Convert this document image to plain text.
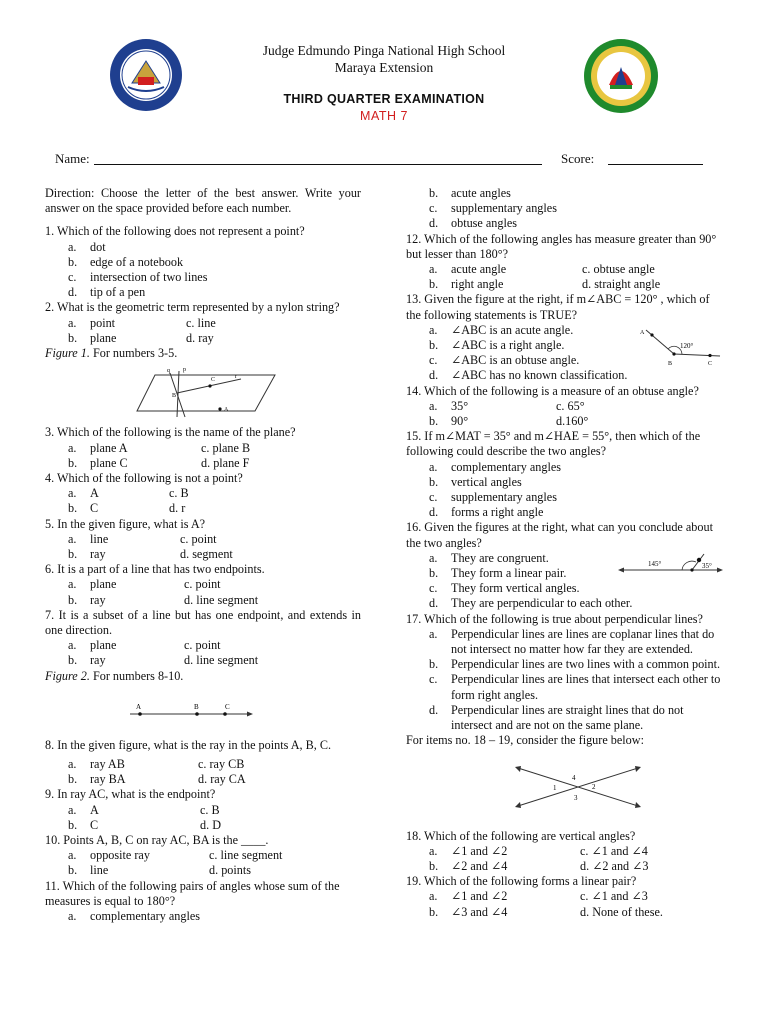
Judge Edmundo Pinga National High School
Maraya Extension
THIRD QUARTER EXAMINATION
MATH 7
Name:	Score:

Direction: Choose the letter of the best answer. Write your answer on the space provided before each number.

1. Which of the following does not represent a point?

a. dot
b. edge of a notebook
c. intersection of two lines
d. tip of a pen

2. What is the geometric term represented by a nylon string?

a. point	c. line
b. plane	d. ray

Figure 1. For numbers 3-5.

q p
C	r
B
A

3. Which of the following is the name of the plane?

a. plane A	c. plane B
b. plane C	d. plane F

4. Which of the following is not a point?

a. A	c. B
b. C	d. r

5. In the given figure, what is A?

a. line	c. point
b. ray	d. segment

6. It is a part of a line that has two endpoints.

a. plane	c. point
b. ray	d. line segment

7. It is a subset of a line but has one endpoint, and extends in one direction.

a. plane	c. point
b. ray	d. line segment

Figure 2. For numbers 8-10.

A	B	C

8. In the given figure, what is the ray in the points A, B, C.

a. ray AB	c. ray CB
b. ray BA	d. ray CA

9. In ray AC, what is the endpoint?

a. A	c. B
b. C	d. D

10. Points A, B, C on ray AC, BA is the ____.

a. opposite ray	c. line segment
b. line	d. points

11. Which of the following pairs of angles whose sum of the measures is equal to 180°?

a. complementary angles
b. acute angles
c. supplementary angles
d. obtuse angles

12. Which of the following angles has measure greater than 90° but lesser than 180°?

a. acute angle	c. obtuse angle
b. right angle	d. straight angle

13. Given the figure at the right, if m∠ABC = 120° , which of the following statements is TRUE?

a. ∠ABC is an acute angle.
b. ∠ABC is a right angle.
c. ∠ABC is an obtuse angle.
d. ∠ABC has no known classification.
A
B	C
120°

14. Which of the following is a measure of an obtuse angle?

a. 35°	c. 65°
b. 90°	d.160°

15. If m∠MAT = 35° and m∠HAE = 55°, then which of the following could describe the two angles?

a. complementary angles
b. vertical angles
c. supplementary angles
d. forms a right angle

16. Given the figures at the right, what can you conclude about the two angles?

a. They are congruent.
b. They form a linear pair.
c. They form vertical angles.
d. They are perpendicular to each other.
145°	35°

17. Which of the following is true about perpendicular lines?

a. Perpendicular lines are lines are coplanar lines that do not intersect no matter how far they are extended.
b. Perpendicular lines are two lines with a common point.
c. Perpendicular lines are lines that intersect each other to form right angles.
d. Perpendicular lines are straight lines that do not intersect and are not on the same plane.

For items no. 18 – 19, consider the figure below:

4
1	2
3

18. Which of the following are vertical angles?

a. ∠1 and ∠2	c. ∠1 and ∠4
b. ∠2 and ∠4	d. ∠2 and ∠3

19. Which of the following forms a linear pair?

a. ∠1 and ∠2	c. ∠1 and ∠3
b. ∠3 and ∠4	d. None of these.
